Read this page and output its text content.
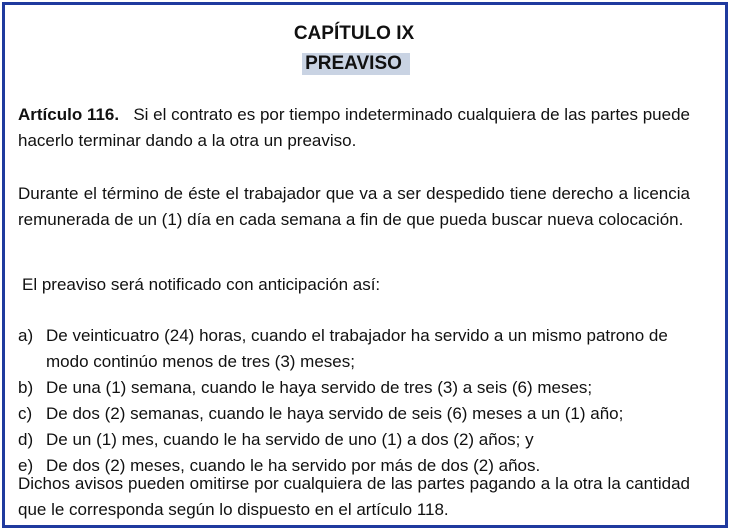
CAPÍTULO IX
PREAVISO

Artículo 116. Si el contrato es por tiempo indeterminado cualquiera de las partes puede hacerlo terminar dando a la otra un preaviso.

Durante el término de éste el trabajador que va a ser despedido tiene derecho a licencia remunerada de un (1) día en cada semana a fin de que pueda buscar nueva colocación.

El preaviso será notificado con anticipación así:

a) De veinticuatro (24) horas, cuando el trabajador ha servido a un mismo patrono de modo continúo menos de tres (3) meses;
b) De una (1) semana, cuando le haya servido de tres (3) a seis (6) meses;
c) De dos (2) semanas, cuando le haya servido de seis (6) meses a un (1) año;
d) De un (1) mes, cuando le ha servido de uno (1) a dos (2) años; y
e) De dos (2) meses, cuando le ha servido por más de dos (2) años.

Dichos avisos pueden omitirse por cualquiera de las partes pagando a la otra la cantidad que le corresponda según lo dispuesto en el artículo 118.
